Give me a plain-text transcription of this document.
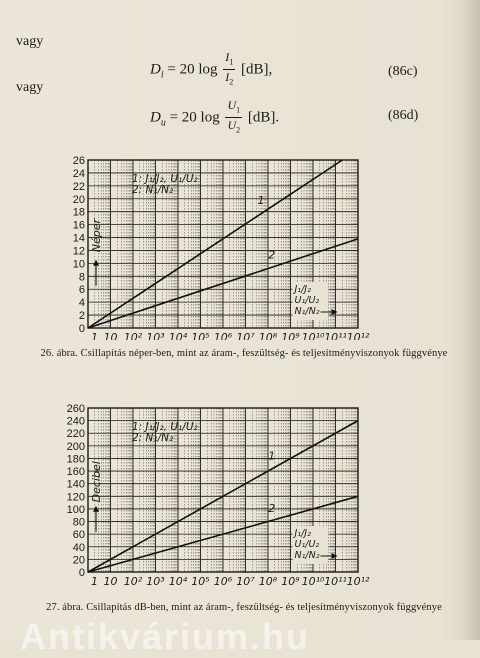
vagy
$D_i = 20$ $\log \frac{I_1}{I_2} [dB]$,	(86c)
vagy
$D_u = 20$ $\log \frac{U_1}{U_2} [dB]$.	(86d)
0
2
4
6
8
10
12
14
16
18
20
22
24
26
1 10 10² 10³ 10⁴ 10⁵ 10⁶ 10⁷ 10⁸ 10⁹ 10¹⁰ 10¹¹ 10¹²
1
2
1: J₁/J₂, U₁/U₂
2: N₁/N₂
Néper
J₁/J₂
U₁/U₂
N₁/N₂
26. ábra. Csillapítás néper-ben, mint az áram-, feszültség- és teljesítményviszonyok függvénye
0
20
40
60
80
100
120
140
160
180
200
220
240
260
1 10 10² 10³ 10⁴ 10⁵ 10⁶ 10⁷ 10⁸ 10⁹ 10¹⁰ 10¹¹ 10¹²
1
2
1: J₁/J₂, U₁/U₂
2: N₁/N₂
Decibel
J₁/J₂
U₁/U₂
N₁/N₂
27. ábra. Csillapítás dB-ben, mint az áram-, feszültség- és teljesítményviszonyok függvénye
Antikvárium.hu
